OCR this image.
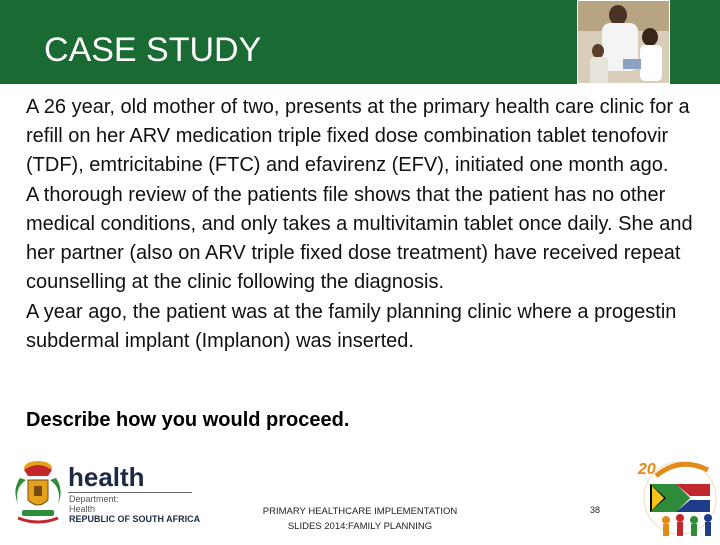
CASE STUDY

A 26 year, old mother of two, presents at the primary health care clinic for a refill on her ARV medication triple fixed dose combination tablet tenofovir (TDF), emtricitabine (FTC) and efavirenz (EFV), initiated one month ago.

A thorough review of the patients file shows that the patient has no other medical conditions, and only takes a multivitamin tablet once daily. She and her partner (also on ARV triple fixed dose treatment) have received repeat counselling at the clinic following the diagnosis.

A year ago, the patient was at the family planning clinic where a progestin subdermal implant (Implanon) was inserted.

Describe how you would proceed.
health
Department:
Health
REPUBLIC OF SOUTH AFRICA
PRIMARY HEALTHCARE IMPLEMENTATION
SLIDES 2014:FAMILY PLANNING
38
20
